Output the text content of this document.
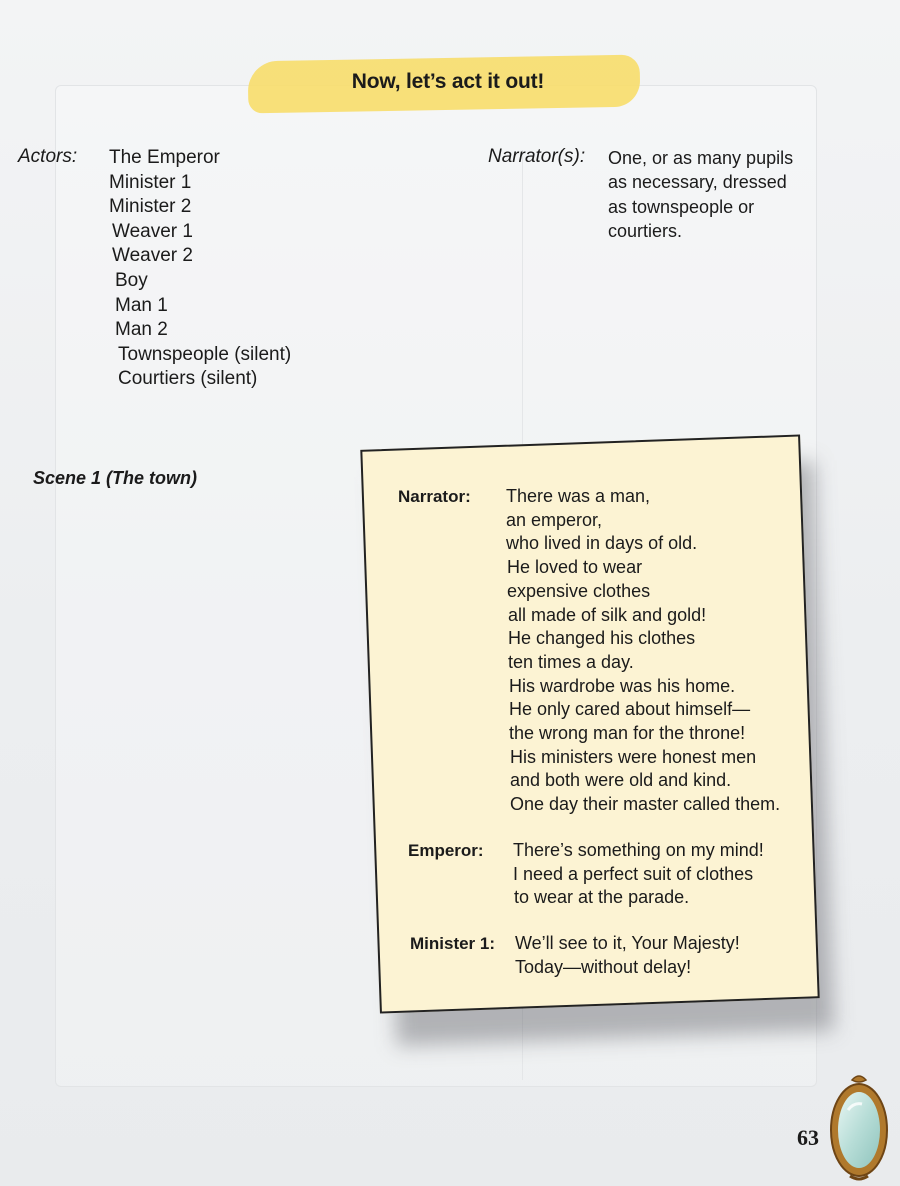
Now, let’s act it out!
Actors: The Emperor
Minister 1
Minister 2
Weaver 1
Weaver 2
Boy
Man 1
Man 2
Townspeople (silent)
Courtiers (silent)
Narrator(s): One, or as many pupils
as necessary, dressed
as townspeople or
courtiers.
Scene 1 (The town)
Narrator:	There was a man,
an emperor,
who lived in days of old.
He loved to wear
expensive clothes
all made of silk and gold!
He changed his clothes
ten times a day.
His wardrobe was his home.
He only cared about himself—
the wrong man for the throne!
His ministers were honest men
and both were old and kind.
One day their master called them.
Emperor:	There’s something on my mind!
I need a perfect suit of clothes
to wear at the parade.
Minister 1:	We’ll see to it, Your Majesty!
Today—without delay!
63
